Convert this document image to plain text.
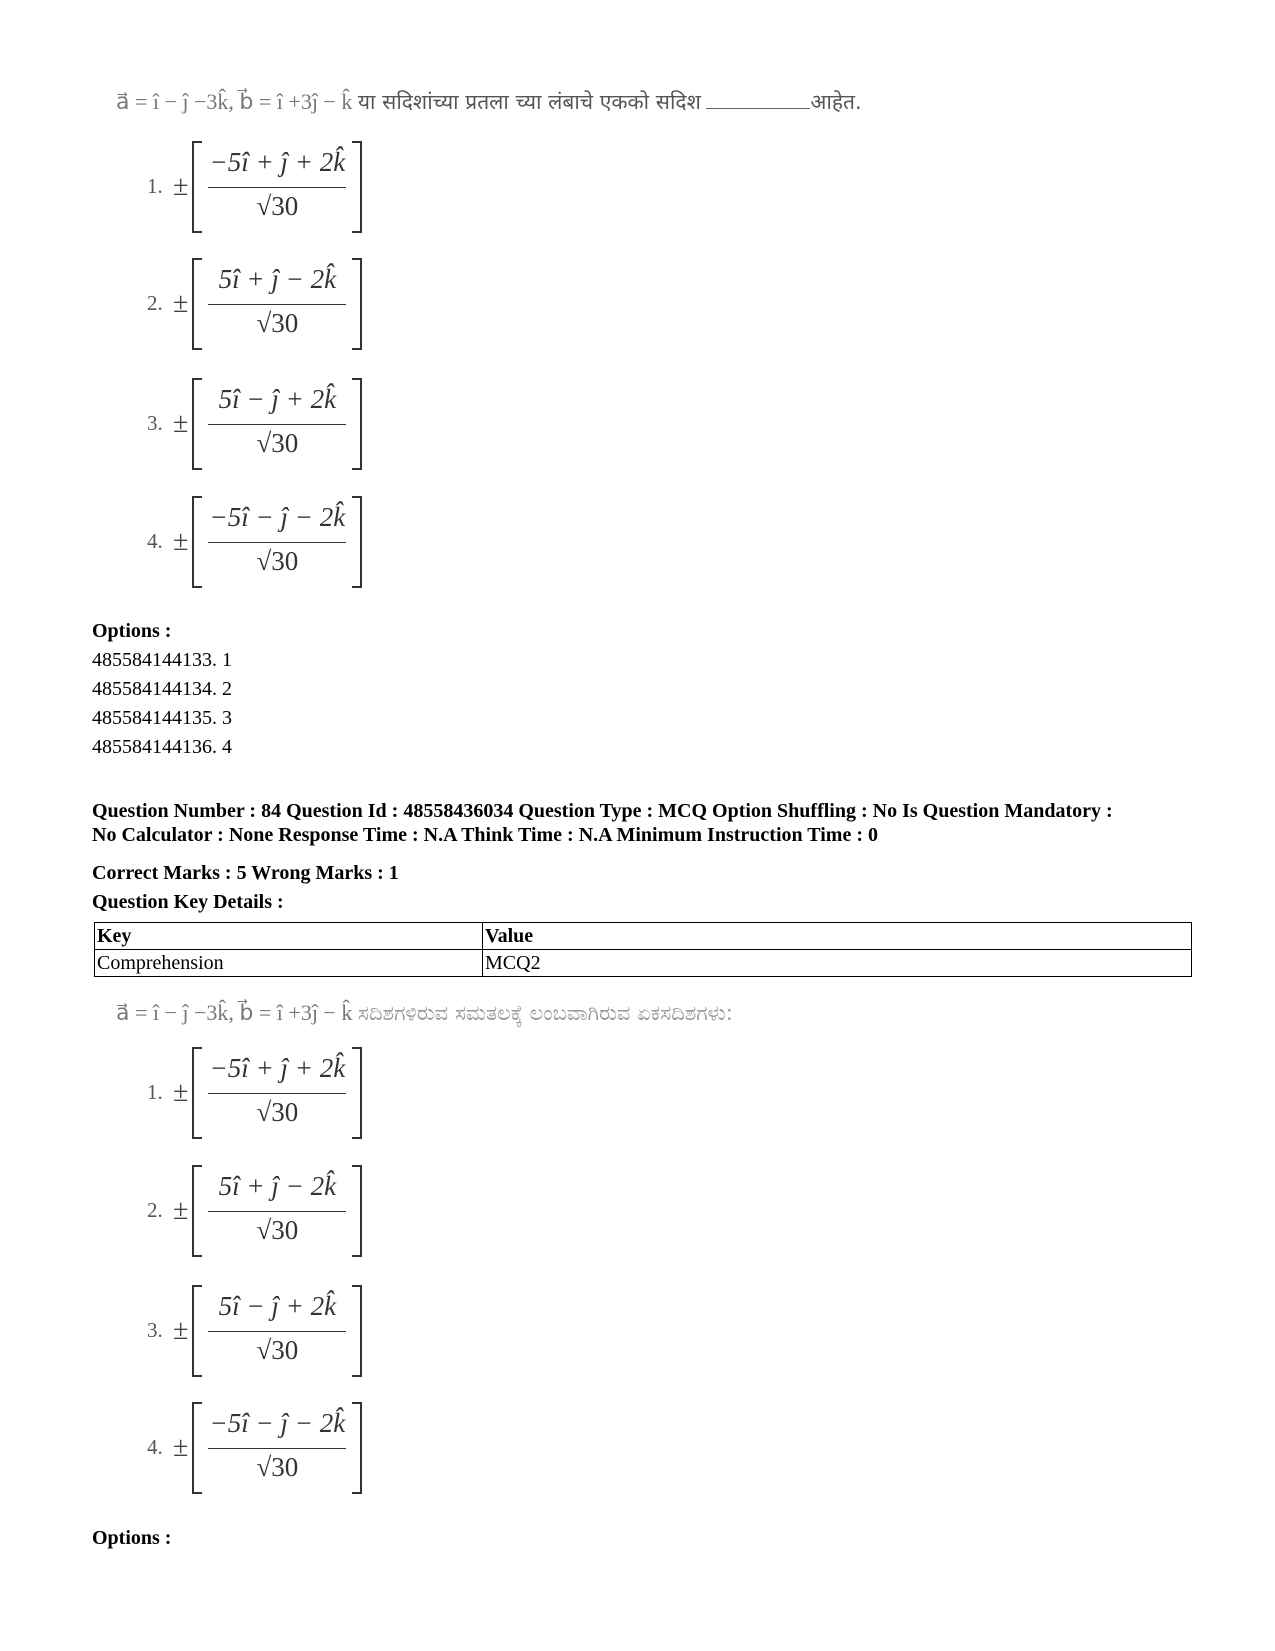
a⃗ = î − ĵ −3k̂, b⃗ = î +3ĵ − k̂ या सदिशांच्या प्रतला च्या लंबाचे एकको सदिश	आहेत.
1. ±
−5î + ĵ + 2k̂
√30
2. ±
5î + ĵ − 2k̂
√30
3. ±
5î − ĵ + 2k̂
√30
4. ±
−5î − ĵ − 2k̂
√30
Options :
485584144133. 1
485584144134. 2
485584144135. 3
485584144136. 4
Question Number : 84 Question Id : 48558436034 Question Type : MCQ Option Shuffling : No Is Question Mandatory :
No Calculator : None Response Time : N.A Think Time : N.A Minimum Instruction Time : 0
Correct Marks : 5 Wrong Marks : 1
Question Key Details :
Key	Value
Comprehension	MCQ2
a⃗ = î − ĵ −3k̂, b⃗ = î +3ĵ − k̂ ಸದಿಶಗಳಿರುವ ಸಮತಲಕ್ಕೆ ಲಂಬವಾಗಿರುವ ಏಕಸದಿಶಗಳು:
1. ±
−5î + ĵ + 2k̂
√30
2. ±
5î + ĵ − 2k̂
√30
3. ±
5î − ĵ + 2k̂
√30
4. ±
−5î − ĵ − 2k̂
√30
Options :
